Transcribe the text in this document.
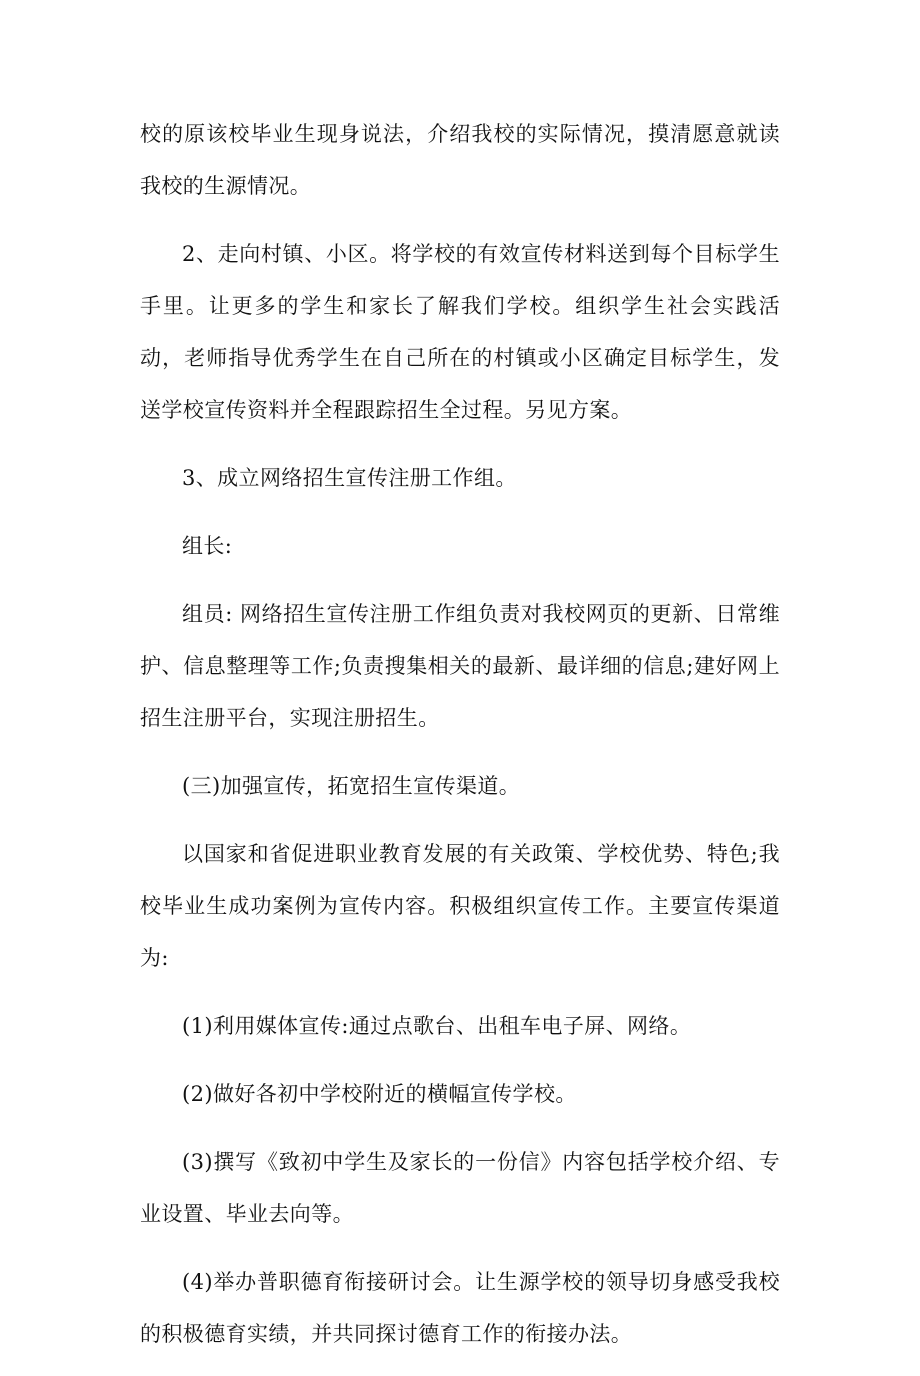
校的原该校毕业生现身说法，介绍我校的实际情况，摸清愿意就读我校的生源情况。

2、走向村镇、小区。将学校的有效宣传材料送到每个目标学生手里。让更多的学生和家长了解我们学校。组织学生社会实践活动，老师指导优秀学生在自己所在的村镇或小区确定目标学生，发送学校宣传资料并全程跟踪招生全过程。另见方案。

3、成立网络招生宣传注册工作组。

组长:

组员: 网络招生宣传注册工作组负责对我校网页的更新、日常维护、信息整理等工作;负责搜集相关的最新、最详细的信息;建好网上招生注册平台，实现注册招生。

(三)加强宣传，拓宽招生宣传渠道。

以国家和省促进职业教育发展的有关政策、学校优势、特色;我校毕业生成功案例为宣传内容。积极组织宣传工作。主要宣传渠道为:

(1)利用媒体宣传:通过点歌台、出租车电子屏、网络。

(2)做好各初中学校附近的横幅宣传学校。

(3)撰写《致初中学生及家长的一份信》内容包括学校介绍、专业设置、毕业去向等。

(4)举办普职德育衔接研讨会。让生源学校的领导切身感受我校的积极德育实绩，并共同探讨德育工作的衔接办法。
